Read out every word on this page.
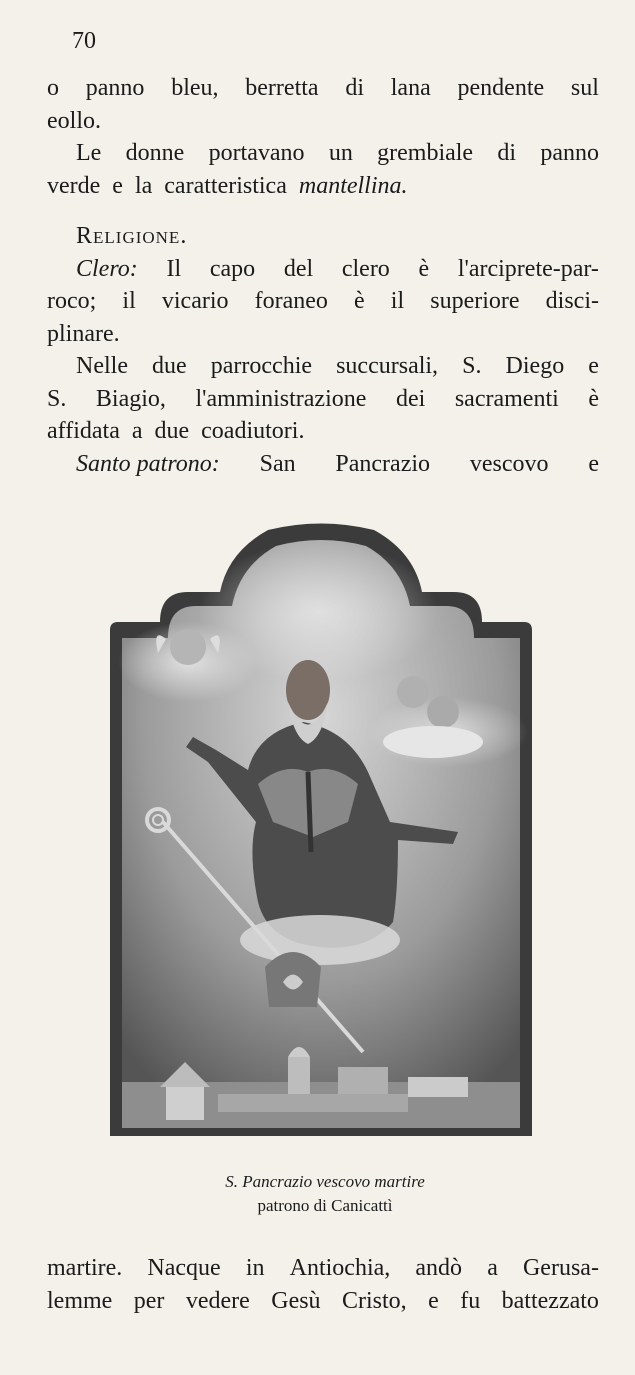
70
o panno bleu, berretta di lana pendente sul
eollo.
Le donne portavano un grembiale di panno
verde e la caratteristica mantellina.
Religione.
Clero: Il capo del clero è l'arciprete-par-
roco; il vicario foraneo è il superiore disci-
plinare.
Nelle due parrocchie succursali, S. Diego e
S. Biagio, l'amministrazione dei sacramenti è
affidata a due coadiutori.
Santo patrono: San Pancrazio vescovo e
S. Pancrazio vescovo martire
patrono di Canicattì
martire. Nacque in Antiochia, andò a Gerusa-
lemme per vedere Gesù Cristo, e fu battezzato
